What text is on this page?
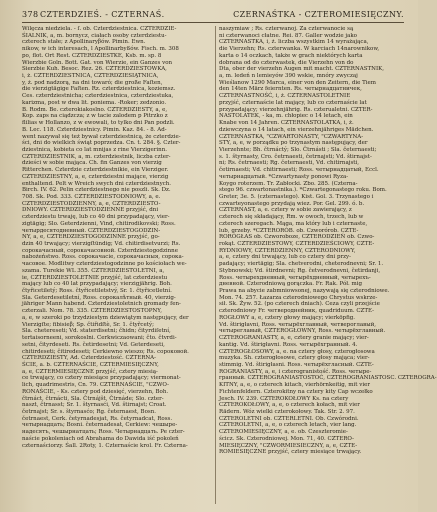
378 CZTERDZIEŚ. - CZTERNAŚ.	CZERNAŚTKA - CZTEROMIESIĘCZNY.

Wilęcza niedziela. - ſ. ob. Czterdziestnica. CZTERDZIE-

ŚIALNIK, a, m. bornycz, ciałach osoby czterdziestu-

czterech stałe; z Apollinaryβów. Pimin. Ewn.

nikow, w ich interesach, l Apollinarbyßów. Fisch. m. 308

po, flot. Ort Rest. CZTERDZIESTKE, Ksb. m. sp. 8

Wierzbie Goln. Bott. Gat. von Wierzie, ein Ganzes von

Sierzbie Kuh. Besoc. Rez. 26. CZTERDZIESTOWKA,

i, ż. CZTERDZIESTNICA, CZTERDZIESIĄTNICA,

y, ż. pod nadzorą, na dni towaró; die große Faſten,

die vierzigtägige Faſten. Rz. czterdziestnica, koziemsz.

Ces. czterdziestnicha; czterdziestnica, czterdziestuka,

karizma, post w dwa lit. poniema. -Roker; zedzonio.

B. Rodm. Be. czterokiakoslno. CZTERDZIESTY, a, e,

Kop. zaps na ciądzcza; z w tacie zalodem p Pitrzko z

flilias w Hollanzo, z w ewowali, to tylko dni Pan podzli.

B. Lec. 118. Czterdziestnicy. Pimin. Kaz. 84. - 8. Ad-

went nazywał się też bywał czterdziestnicą, że czterdzie-

ści, dni do wielkich świąt poprzedza. Cn. t. 284. §. Czter-

dziestnica, kobieta co lat mnijas z rine Vierzigerinn.

CZTERDZIESTNIK, a, m. czterdziestnik, liczba czter-

dzieści w sobie mająca. Ch. fin Ganzes von vierzig

Ritterchen. Czterdzie czterdziestnikie, ein Vierziger.

CZTERDZIESTNY, a, e, czterdziestni mające, vierzig

enthaltend. Pelt w Wreich swych dni czterdziestnych.

Birch. IV. 62. Pelin czterdziestnego nie poszli. Sk. Dz.

708. Sk. Pod. 333. CZTERDZIESTODNIOWY, a, e.

CZTERDZIESTODZIENNY, a, e, CZTERDZIESTO-

DNIOWY. CZTERDZIESTODZIENNE przyjść, dni

czterdziestu trwaję, lub co 40 dni przypadający, vier-

zigtägig; Slo. Geterdzienni, Vind, chitirodikovski; Ross.

четырдесятодневный. CZTERDZIESTOGODZIN-

NY, a, e, CZTERDZIESTOGODZINNE przyjść, go-

dzin 40 trwający; vierzigſtündig; Vd. chitirdisetvurzi; Rs.

сорокачасный, сорокачасовной. Czterdziestogodzinne

nabożeństwo. Ross. сорокачасіе, сорокачасныя, сорока-

часовое. Modlitwy czterdziestogodzinne po kościołach we-

szama. Turekie WL 355. CZTERDZIESTOLETNI, a,

ie, CZTERDZIESTOLETNIE przyjść, lat czterdziestu

mający lub co 40 lat przypadający; vierzigjährig. Boh.

čtyřicetiletý; Ross. čtyřicetiletstvý, Sr. 1. čtyřicetletní.

Sla. Geterdesetiletní, Ross. сорокалѣтный. 40, vierzig-

jähriger Mann habend. Czterdziestoletnich gromady fen-

czterzali. Nom. 78. 335. CZTERDZIESTOSTOPNY,

a, e, w szeroki po trzydziestym dziewiątym następujący, der

Vierzigſte; fibisieβ; Sp. čtiřidſtè, Sr. 1. čtyřcetý;

Sla. chetereseti; Vd. staterdisetni; čhidn; čityrdiſetní,

tertaisorneeni, sorokoslni. Cerkwiczaowani; čto. čtvrdi-

setni, čityrdeseti. Rs. četirdesetni; Vd. Geterdeseti,

chitirdeseti; čitiredeseti; Cerkiewno wieszo; Rs. сороковой.

CZTERDZIESTY, Ad. Czterdziestość. CZTERNA-

ŚCIE, a. b. CZTERNAŚCIE, CZTERMIESIĘCZNY,

a, e, CZTERMIESIĘCZNE przyjść, cztery miesią-

ce trwający, co cztery miesiące przypadający; viermonat-

lich, quadrimestris, Cn. 79. CZTERNAŚCIE, "CZWO-

RONAŚCIE, - Ks. cztery pod dziesięć, vierzehn, Boh.

čtrnáct, čtrnácti, Sla. Čtrnájšt, Čtrnáde; Slo. czter-

naszt, čtrnasst; Sr. 1. štyrnasći, Vd. štirnajst; Croat.

četrnajst; Sr. s. štyrnasćo; Rg. četernaest, Bosn.

četrnaest, Cerk. četyrnadesjat, Rs. četyrnadcat, Ross.

четырнадцать; Bosni. četernadesat, Cerkiew: чешыре-

надесятъ, чешырнатцать; Ross. Четырнадцать. Pe czter-

naście pokoleniach od Abrahama do Dawida iść pokoleń

czternaściorzy. Śall. 2Roty, 1. Czternaście krol. Fr. Czterna-

naszymiaw ; Rs. czterwanoj. Za czterwanocie są

ni czterwanoci cłatne. Rei. 87. Galler wodzie jako

CZTERNASTKA, i, ż. liczba wszystkim 14 wyrażająca,

die Vierzehn; Rs. czterwanka. W karciach 14narownikow,

karta o 14 oczkach, także w grach niektórych karta

dobrana od do czterwastek, die Vierzehn von do

Dta, ober der vierzehn Augen mit macht. CZTERNASTNIK,

a, m. ledeń n lemieyów 390 wskie, mnóry zwyczaj

Wieślanow 1290 Marca, einer von den Zeitern, die Tiem

den 14ten März feiernten. Rs. четырнадцатничек,

CZTERNASTNOŚĆ, i, ż. CZTERNASTOLETNIE

przyjść, czternaście lat mający, lub co czternaście lat

przypadający; vierzehnjährig. Rs. czterualetni. CZTER-

NASTOLATEK, - ka, m. chłopiec o 14 letach, ein

Knabe von 14 Jahren. CZTERNASTOLATKA, i, ż.

dziewczyna o 14 latach, ein vierzehnjähriges Mädchen.

CZTERNASTKA, "CZWARTONASTY, "CZWARTYNA-

STY, a, e, w porządku po trzynastym następujący, der

Vierzehnte; Bh. čtrnáctý; Slo. Čtrnásti ; Sla. četernaesti;

s. 1. štyrnasty, Cro. četrnaesti, četrnajsti; Vd. štirnajst-

ni; Rs. četrnaesti; Rg. četernaesti, Vd. chitirnajsti,

četirnaesti; Vd. chitirnaesti; Ross. четырнадцатый, Eccl.

четырнадцатый. *Czwartynasty ponowi Ryza-

Koygo roterzem. Tr. Zabłocki. Zbo. 285. (Czterna-

stego 96. czwartonastnika.). *Czwartegonastego roku. Bom.

Greter, 3e. 5. (czternastego). Kist. Gol. 3. Trzynastego i

czwarteyonastego przydają wiez. Por. Gel. 299. ó. b.

CZTERNAST, a, e. cztery w sobie zawierający, z

czterech się składający, Rm. w owoch, trzech, lub w

czterech szeregach. Mąga, ma który lub i czternaste,

lub, grzeby. *CZTERORÓB. ob. Czworórob. CZTE-

RORÓGŁAS ob. Czworoboze, CZTERODZIEŃ ob. Czwo-

rokąt. CZTERDZIESTOWY, CZTERDZIEŚCIOWY, CZTE-

RYDNIOWY, CZTERDZIENNY, CZTERODNIOWY,

a, e, cztery dni trwający, lub co cztery dni przy-

padający; viertägig; Sla. chetverodni, cheterodnevni; Sr. 1.

Stybnowski; Vd. štirdnevni; Rg. četverodnevni, četirdanji,

Ross. четырехдневный, четырёхдневный, четырехъ-

дневной. Czterodniową gorączka. Fr. Rak. Pół. mig

Prawa na abycie zabmniowsonej, nazywają się czterodniowe.

Mon. 74. 257. Łazarza czterodniowego Chrystus wskrze-

sił. Sk. Żyw. 52. (po czterech dniach). Ceza czyli przejście

czterodniowy Fr. четвероднейник, quadriduum. CZTE-

ROGŁOWY a, e, cztery głowy mający; vierköpfig.

Vd. štirigłavni, Ross. четырёхглавный, четвероглавый,

четыреглавый, CZTEROGŁOWNY, Ross. четырёхглавный.

CZTEROGRANIASTY, a, e, cztery granie mający; vier-

kantig. Vd. štirigłavni. Ross. четырёхгранный. 4.

CZTEROGŁOSOWY, a, e. na cztery głosy, czterogłosowa

muzyka. Sh. czterogłosowe, cztery głosy mająca; vier-

stimmig. Vd. štirigłasni. Ross. четырёхгласный. CZTE-

ROGRANIASTY, a, e, i czterogranistość. Ross. четыре-

гранный. CZTEROGRANIASTOSTOĆ, CZTEROGRANIASTOSC. CZTEROGRA-

KITNY, a, e, o czterech kitach, vierhörnkeitig, mit vier

Fichtenfeldern. Czterokitny na cztery kity Cap wczełko

Jesch. IV. 239. CZTEROKOŁOWY Ks. na cztery

CZTEROKOŁOWY, a, e, o czterech kołach, mit vier

Rädern. Wóz wielki czterokołowy. Tak. Str. 2. 97.

CZTEROLETNI ob. CZTERLETNI. Ob. Czwórodni.

CZTEROLETNI, a, e, o czterech letach, vier lang.

CZTEROMIESIĘCZNY, a, e. ob. Czeszteromie-

ścicz. Sk. Czterodniowej. Mon. 71, 40. CZTERO-

MIESIĘCZNY, "CZWORMIESIECZNY, a, e, CZTE-

ROMIESIĘCZNE przyjść, cztery miesiące trwający.
